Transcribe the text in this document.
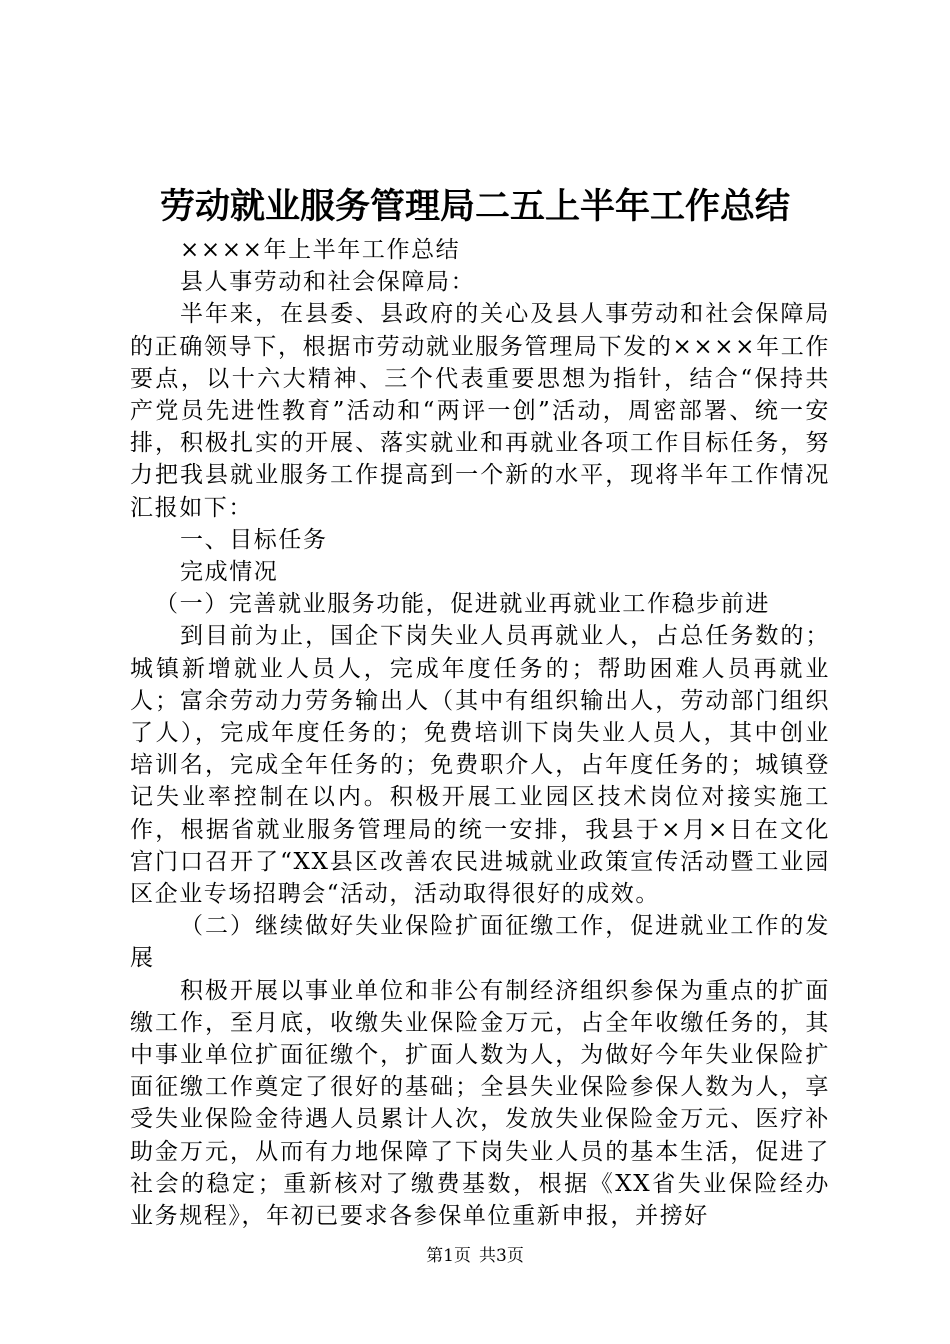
劳动就业服务管理局二五上半年工作总结

××××年上半年工作总结

县人事劳动和社会保障局：

半年来，在县委、县政府的关心及县人事劳动和社会保障局的正确领导下，根据市劳动就业服务管理局下发的××××年工作要点，以十六大精神、三个代表重要思想为指针，结合“保持共产党员先进性教育”活动和“两评一创”活动，周密部署、统一安排，积极扎实的开展、落实就业和再就业各项工作目标任务，努力把我县就业服务工作提高到一个新的水平，现将半年工作情况汇报如下：

一、目标任务

完成情况

（一）完善就业服务功能，促进就业再就业工作稳步前进

到目前为止，国企下岗失业人员再就业人，占总任务数的；城镇新增就业人员人，完成年度任务的；帮助困难人员再就业人；富余劳动力劳务输出人（其中有组织输出人，劳动部门组织了人），完成年度任务的；免费培训下岗失业人员人，其中创业培训名，完成全年任务的；免费职介人，占年度任务的；城镇登记失业率控制在以内。积极开展工业园区技术岗位对接实施工作，根据省就业服务管理局的统一安排，我县于×月×日在文化宫门口召开了“XX县区改善农民进城就业政策宣传活动暨工业园区企业专场招聘会“活动，活动取得很好的成效。

（二）继续做好失业保险扩面征缴工作，促进就业工作的发展

积极开展以事业单位和非公有制经济组织参保为重点的扩面缴工作，至月底，收缴失业保险金万元，占全年收缴任务的，其中事业单位扩面征缴个，扩面人数为人，为做好今年失业保险扩面征缴工作奠定了很好的基础；全县失业保险参保人数为人，享受失业保险金待遇人员累计人次，发放失业保险金万元、医疗补助金万元，从而有力地保障了下岗失业人员的基本生活，促进了社会的稳定；重新核对了缴费基数，根据《XX省失业保险经办业务规程》，年初已要求各参保单位重新申报，并搒好

第1页 共3页
